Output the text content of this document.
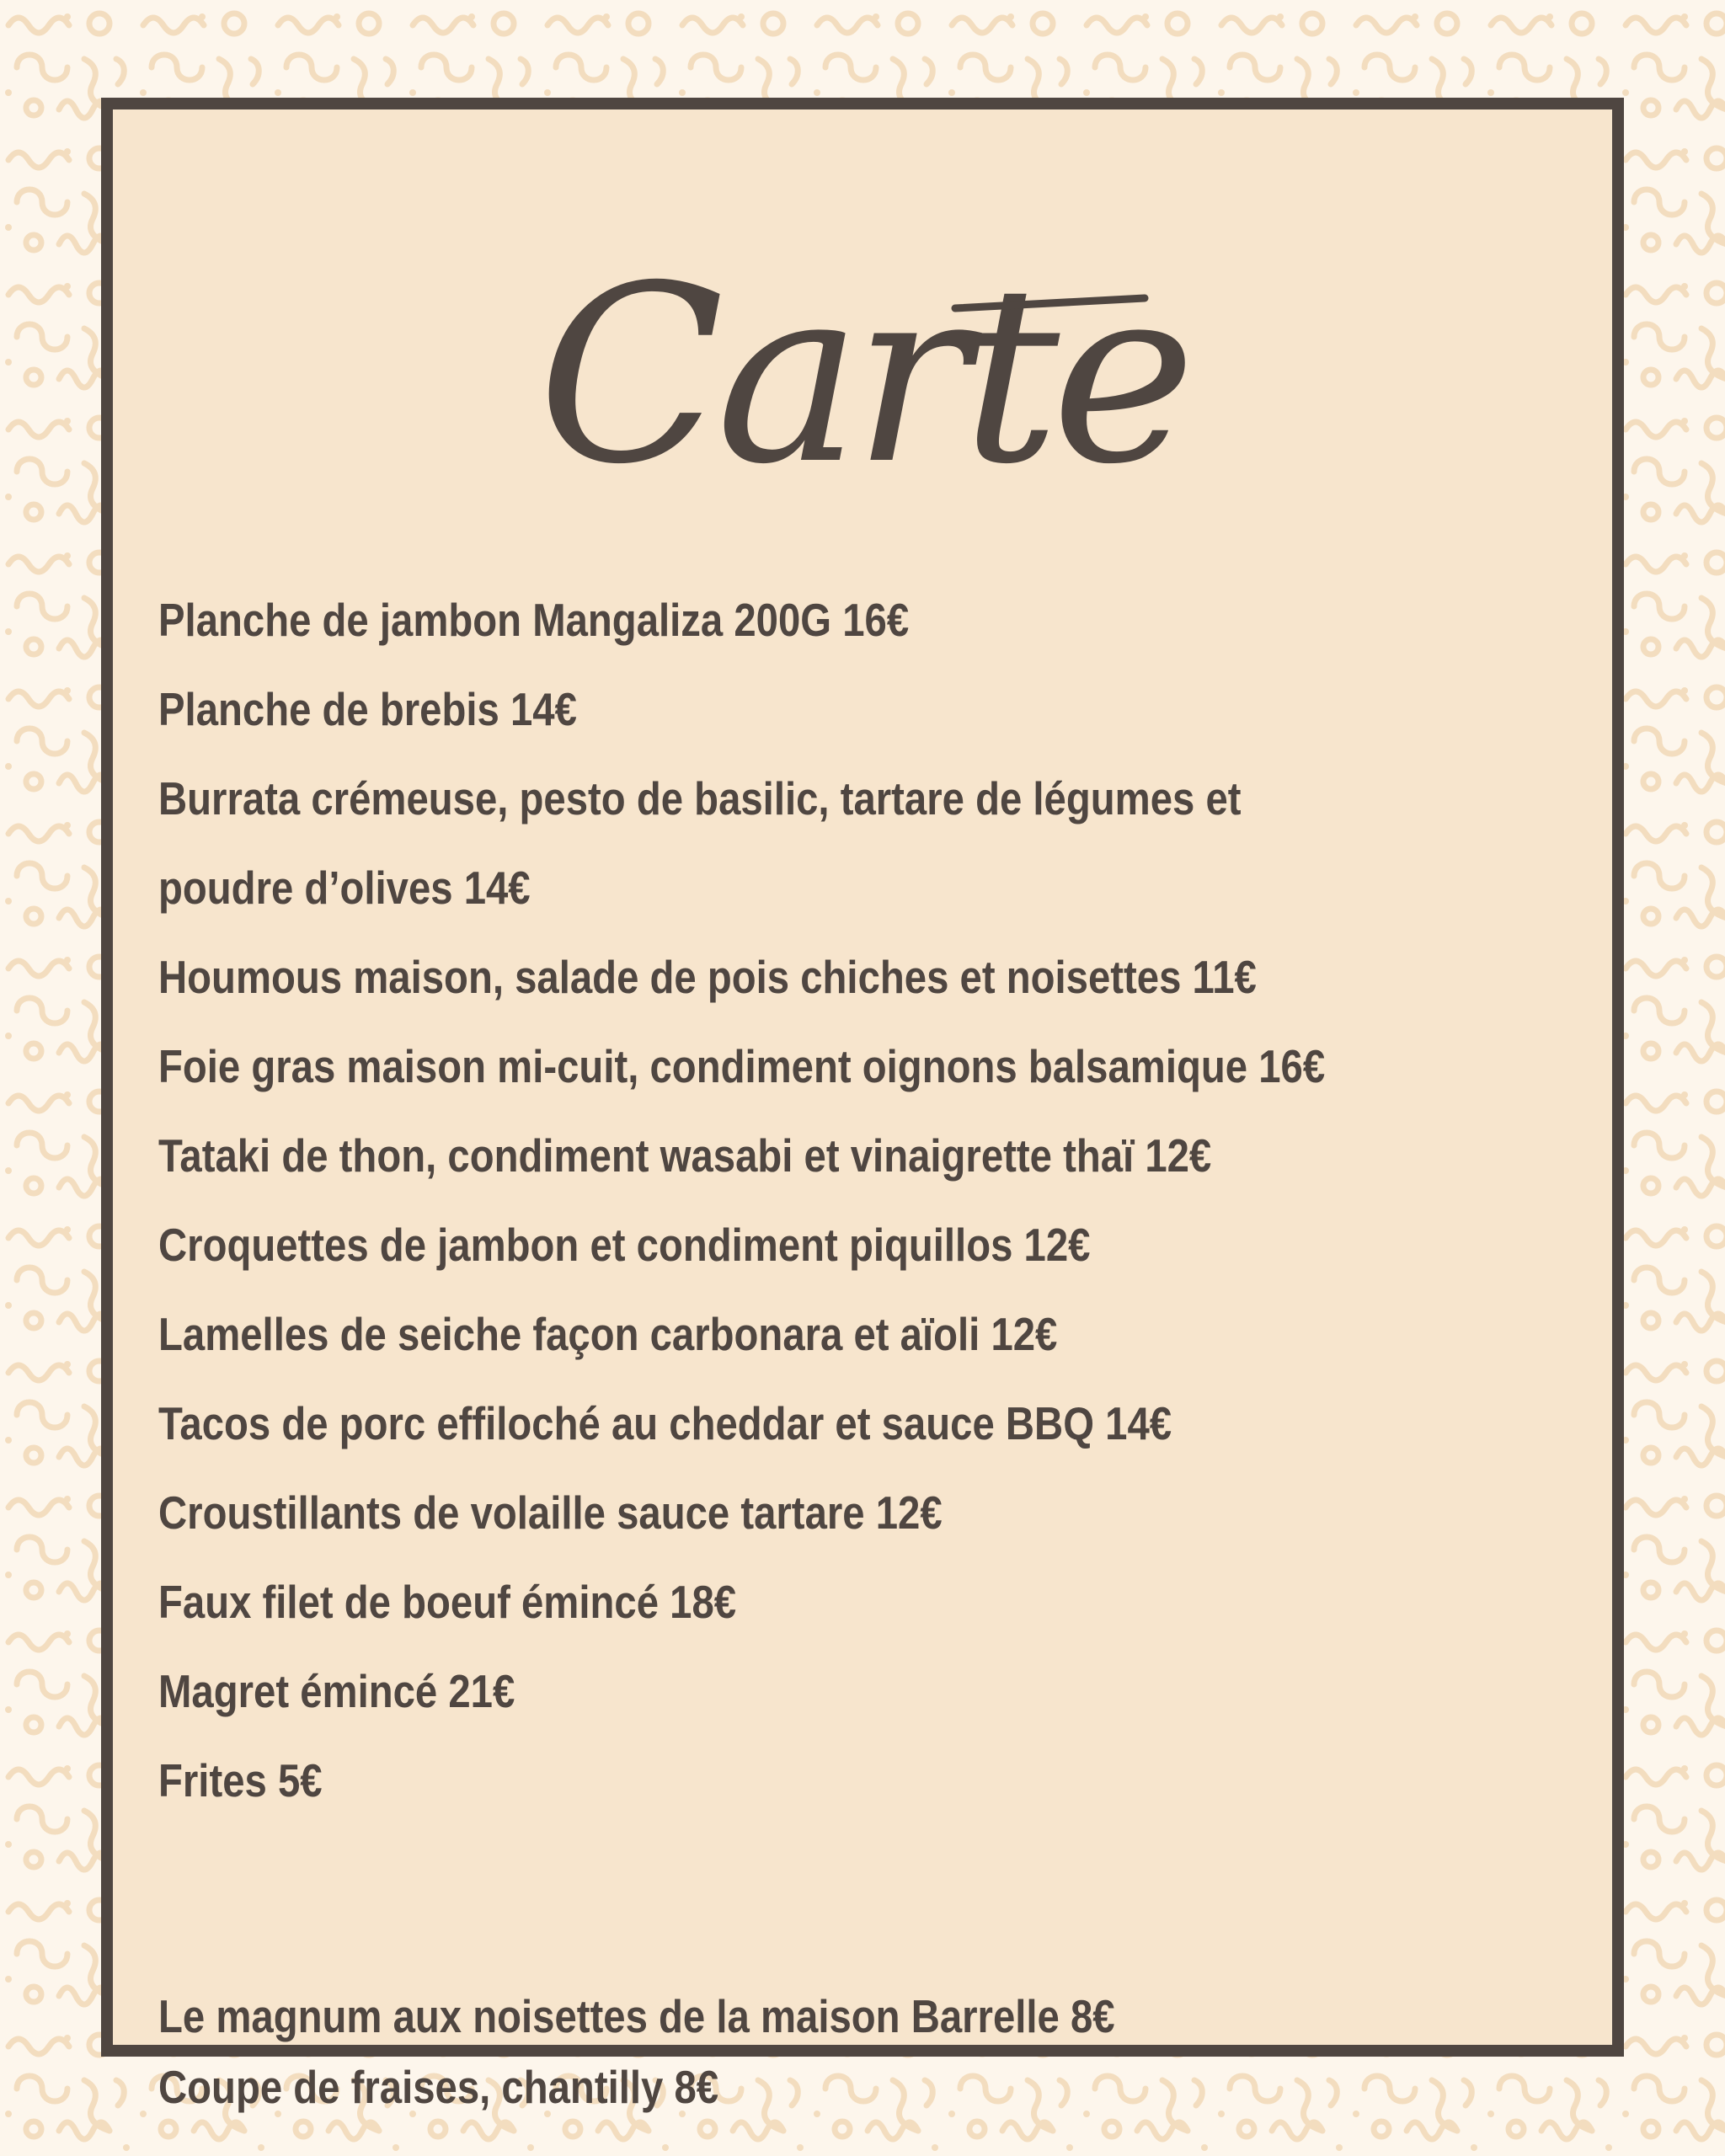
Carte
Planche de jambon Mangaliza 200G 16€
Planche de brebis 14€
Burrata crémeuse, pesto de basilic, tartare de légumes et
poudre d’olives 14€
Houmous maison, salade de pois chiches et noisettes 11€
Foie gras maison mi-cuit, condiment oignons balsamique 16€
Tataki de thon, condiment wasabi et vinaigrette thaï 12€
Croquettes de jambon et condiment piquillos 12€
Lamelles de seiche façon carbonara et aïoli 12€
Tacos de porc effiloché au cheddar et sauce BBQ 14€
Croustillants de volaille sauce tartare 12€
Faux filet de boeuf émincé 18€
Magret émincé 21€
Frites 5€
Le magnum aux noisettes de la maison Barrelle 8€
Coupe de fraises, chantilly 8€
